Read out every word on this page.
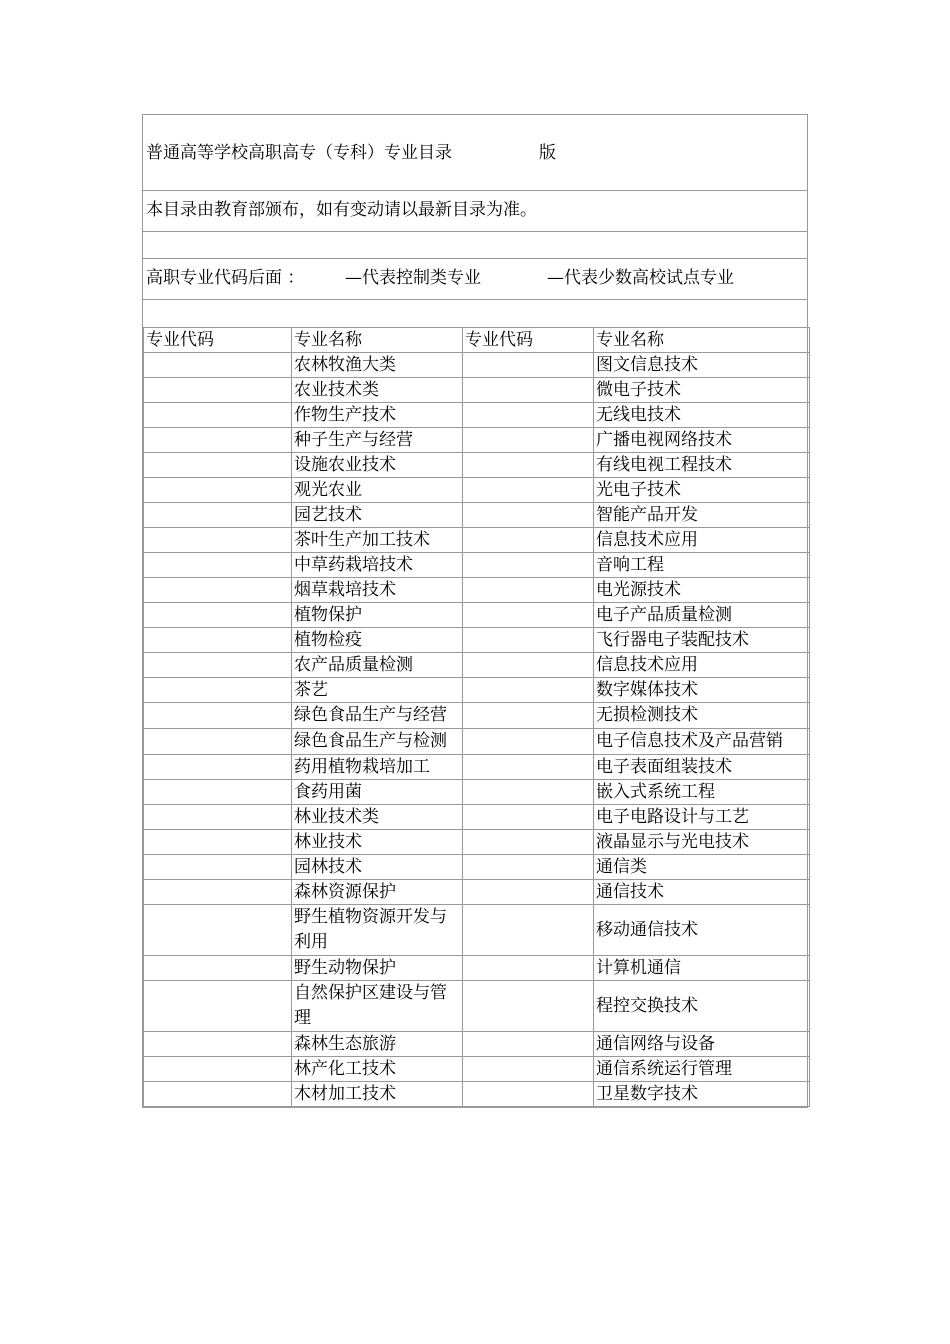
普通高等学校高职高专（专科）专业目录	版
本目录由教育部颁布，如有变动请以最新目录为准。
高职专业代码后面 ： —代表控制类专业	—代表少数高校试点专业
专业代码	专业名称	专业代码	专业名称
	农林牧渔大类		图文信息技术
	农业技术类		微电子技术
	作物生产技术		无线电技术
	种子生产与经营		广播电视网络技术
	设施农业技术		有线电视工程技术
	观光农业		光电子技术
	园艺技术		智能产品开发
	茶叶生产加工技术		信息技术应用
	中草药栽培技术		音响工程
	烟草栽培技术		电光源技术
	植物保护		电子产品质量检测
	植物检疫		飞行器电子装配技术
	农产品质量检测		信息技术应用
	茶艺		数字媒体技术
	绿色食品生产与经营		无损检测技术
	绿色食品生产与检测		电子信息技术及产品营销
	药用植物栽培加工		电子表面组装技术
	食药用菌		嵌入式系统工程
	林业技术类		电子电路设计与工艺
	林业技术		液晶显示与光电技术
	园林技术		通信类
	森林资源保护		通信技术
	野生植物资源开发与利用		移动通信技术
	野生动物保护		计算机通信
	自然保护区建设与管理		程控交换技术
	森林生态旅游		通信网络与设备
	林产化工技术		通信系统运行管理
	木材加工技术		卫星数字技术
